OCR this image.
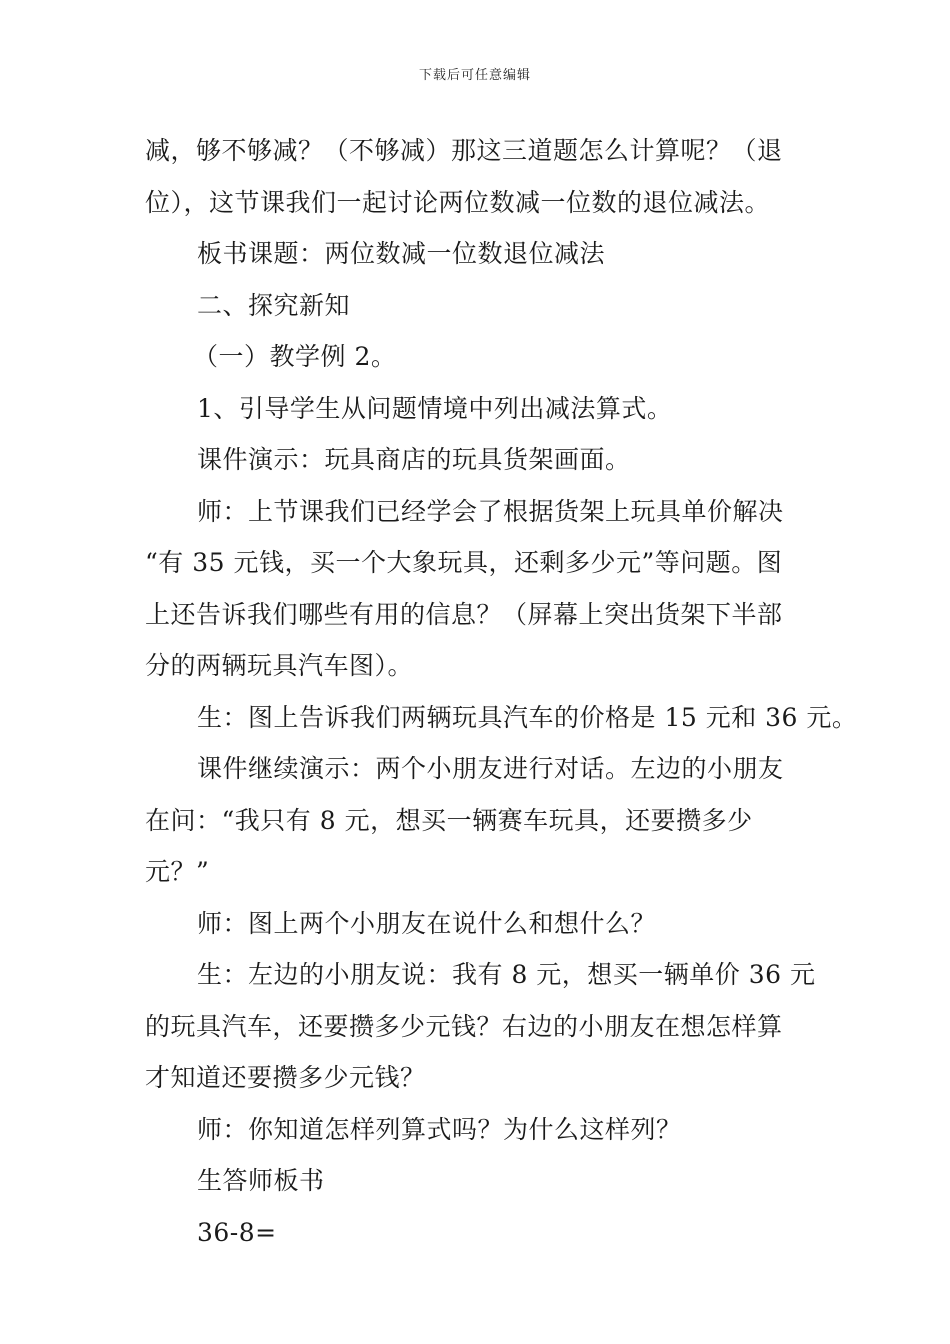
下载后可任意编辑
减，够不够减？（不够减）那这三道题怎么计算呢？（退
位），这节课我们一起讨论两位数减一位数的退位减法。
板书课题：两位数减一位数退位减法
二、探究新知
（一）教学例 2。
1、引导学生从问题情境中列出减法算式。
课件演示：玩具商店的玩具货架画面。
师：上节课我们已经学会了根据货架上玩具单价解决
“有 35 元钱，买一个大象玩具，还剩多少元”等问题。图
上还告诉我们哪些有用的信息？（屏幕上突出货架下半部
分的两辆玩具汽车图）。
生：图上告诉我们两辆玩具汽车的价格是 15 元和 36 元。
课件继续演示：两个小朋友进行对话。左边的小朋友
在问：“我只有 8 元，想买一辆赛车玩具，还要攒多少
元？”
师：图上两个小朋友在说什么和想什么？
生：左边的小朋友说：我有 8 元，想买一辆单价 36 元
的玩具汽车，还要攒多少元钱？右边的小朋友在想怎样算
才知道还要攒多少元钱？
师：你知道怎样列算式吗？为什么这样列？
生答师板书
36-8=
